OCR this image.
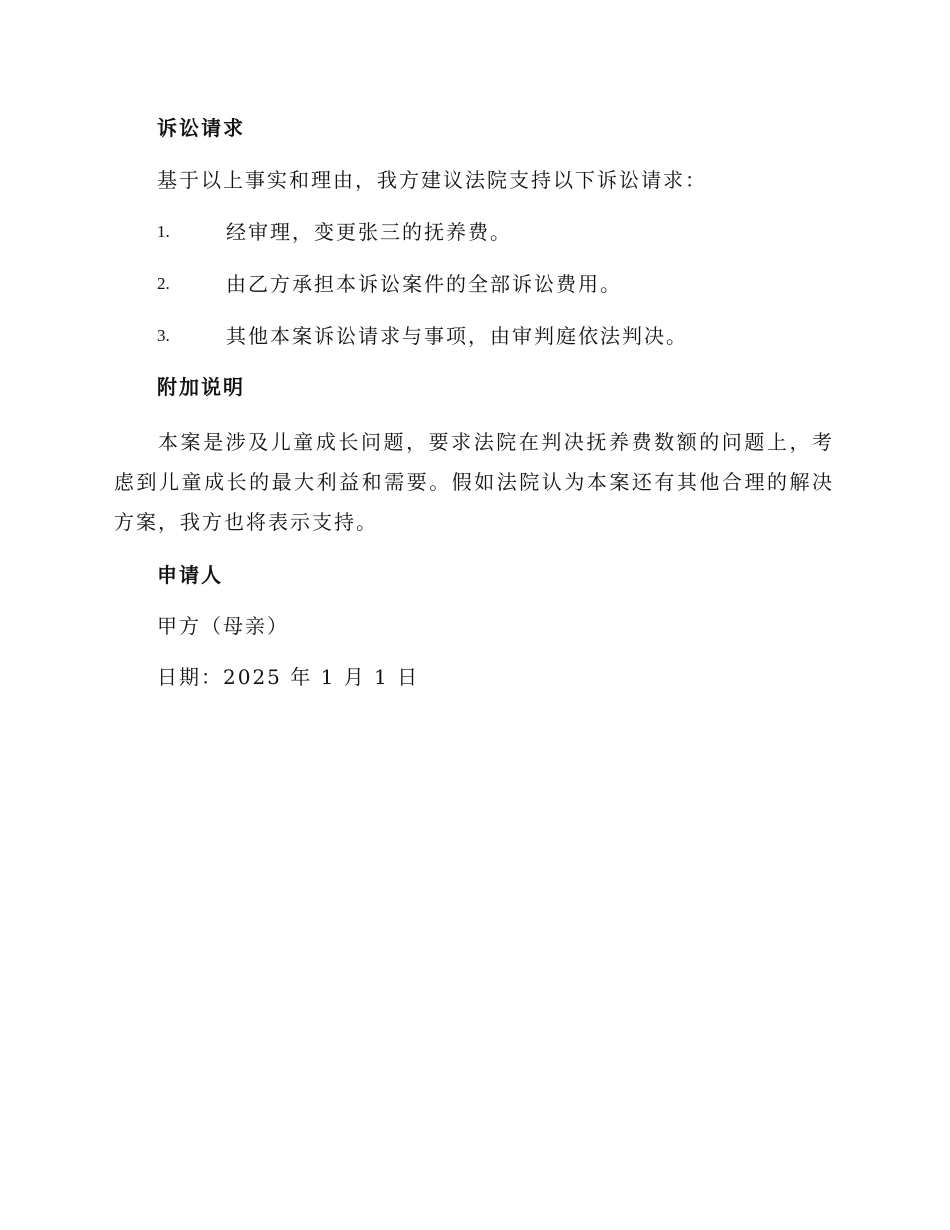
诉讼请求
基于以上事实和理由，我方建议法院支持以下诉讼请求：
1.	经审理，变更张三的抚养费。
2.	由乙方承担本诉讼案件的全部诉讼费用。
3.	其他本案诉讼请求与事项，由审判庭依法判决。
附加说明
本案是涉及儿童成长问题，要求法院在判决抚养费数额的问题上，考虑到儿童成长的最大利益和需要。假如法院认为本案还有其他合理的解决方案，我方也将表示支持。
申请人
甲方（母亲）
日期：2025 年 1 月 1 日
